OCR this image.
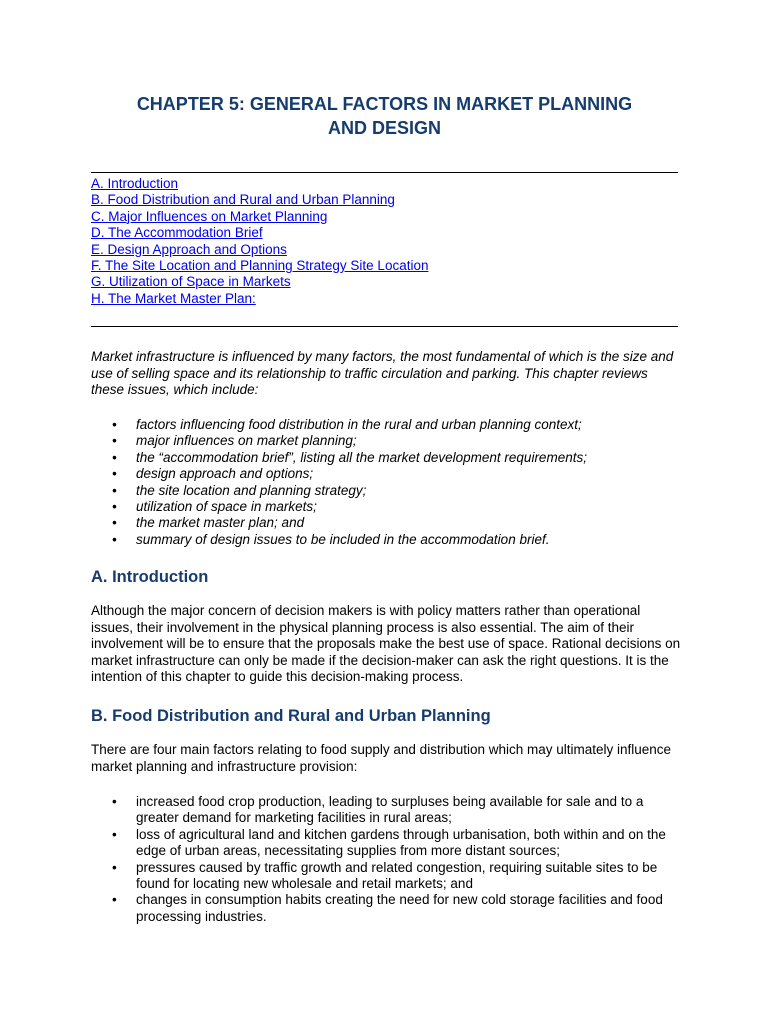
CHAPTER 5: GENERAL FACTORS IN MARKET PLANNING
AND DESIGN
A. Introduction
B. Food Distribution and Rural and Urban Planning
C. Major Influences on Market Planning
D. The Accommodation Brief
E. Design Approach and Options
F. The Site Location and Planning Strategy Site Location
G. Utilization of Space in Markets
H. The Market Master Plan:

Market infrastructure is influenced by many factors, the most fundamental of which is the size and use of selling space and its relationship to traffic circulation and parking. This chapter reviews these issues, which include:

• factors influencing food distribution in the rural and urban planning context;
• major influences on market planning;
• the “accommodation brief”, listing all the market development requirements;
• design approach and options;
• the site location and planning strategy;
• utilization of space in markets;
• the market master plan; and
• summary of design issues to be included in the accommodation brief.
A. Introduction

Although the major concern of decision makers is with policy matters rather than operational issues, their involvement in the physical planning process is also essential. The aim of their involvement will be to ensure that the proposals make the best use of space. Rational decisions on market infrastructure can only be made if the decision-maker can ask the right questions. It is the intention of this chapter to guide this decision-making process.

B. Food Distribution and Rural and Urban Planning

There are four main factors relating to food supply and distribution which may ultimately influence market planning and infrastructure provision:

• increased food crop production, leading to surpluses being available for sale and to a greater demand for marketing facilities in rural areas;
• loss of agricultural land and kitchen gardens through urbanisation, both within and on the edge of urban areas, necessitating supplies from more distant sources;
• pressures caused by traffic growth and related congestion, requiring suitable sites to be found for locating new wholesale and retail markets; and
• changes in consumption habits creating the need for new cold storage facilities and food processing industries.
